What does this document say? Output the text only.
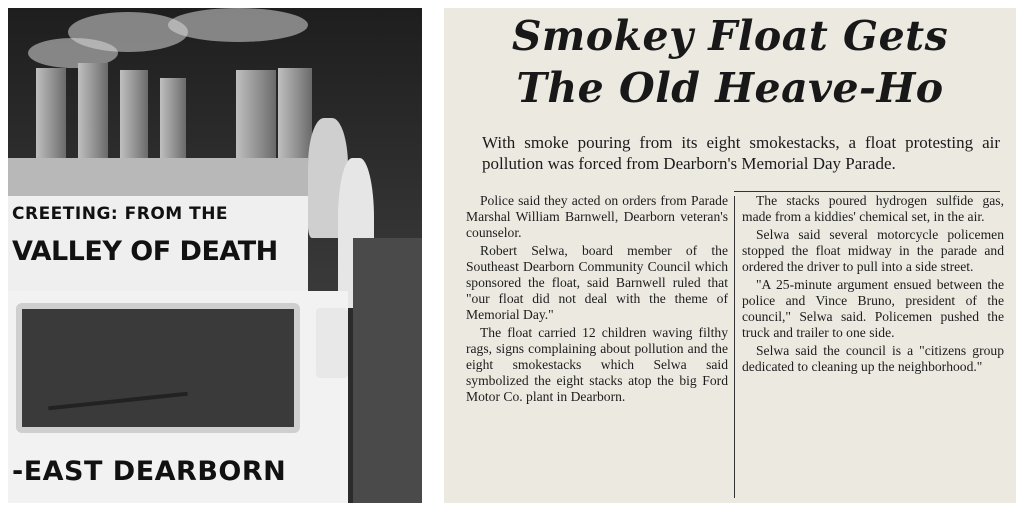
CREETING: FROM THE
VALLEY OF DEATH
-EAST DEARBORN
Smokey Float Gets
The Old Heave-Ho
With smoke pouring from its eight smokestacks, a float protesting air pollution was forced from Dearborn's Memorial Day Parade.

Police said they acted on orders from Parade Marshal William Barnwell, Dearborn veteran's counselor.

Robert Selwa, board member of the Southeast Dearborn Community Council which sponsored the float, said Barnwell ruled that "our float did not deal with the theme of Memorial Day."

The float carried 12 children waving filthy rags, signs complaining about pollution and the eight smokestacks which Selwa said symbolized the eight stacks atop the big Ford Motor Co. plant in Dearborn.

The stacks poured hydrogen sulfide gas, made from a kiddies' chemical set, in the air.

Selwa said several motorcycle policemen stopped the float midway in the parade and ordered the driver to pull into a side street.

"A 25-minute argument ensued between the police and Vince Bruno, president of the council," Selwa said. Policemen pushed the truck and trailer to one side.

Selwa said the council is a "citizens group dedicated to cleaning up the neighborhood."
